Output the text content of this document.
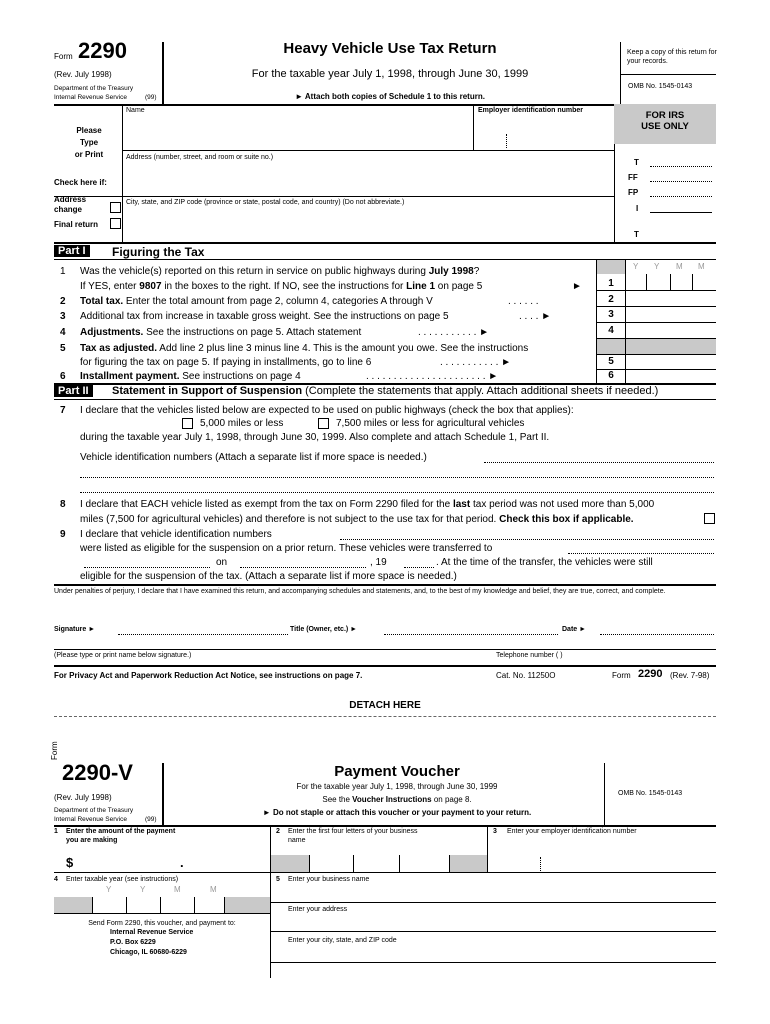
Form 2290
(Rev. July 1998)
Department of the Treasury
Internal Revenue Service	(99)
Heavy Vehicle Use Tax Return
For the taxable year July 1, 1998, through June 30, 1999
► Attach both copies of Schedule 1 to this return.
Keep a copy of this return for your records.
OMB No. 1545-0143
Please
Type
or Print
Name	Employer identification number
Address (number, street, and room or suite no.)
City, state, and ZIP code (province or state, postal code, and country) (Do not abbreviate.)
Check here if:
Address
change
Final return
FOR IRS
USE ONLY
T
FF
FP
I
T
Part I	Figuring the Tax
Y Y M M
1 Was the vehicle(s) reported on this return in service on public highways during July 1998?
If YES, enter 9807 in the boxes to the right. If NO, see the instructions for Line 1 on page 5	►	1
2 Total tax. Enter the total amount from page 2, column 4, categories A through V	. . . . . .	2
3 Additional tax from increase in taxable gross weight. See the instructions on page 5	. . . . ►	3
4 Adjustments. See the instructions on page 5. Attach statement	. . . . . . . . . . . ►	4
5 Tax as adjusted. Add line 2 plus line 3 minus line 4. This is the amount you owe. See the instructions
for figuring the tax on page 5. If paying in installments, go to line 6	. . . . . . . . . . . ►	5
6 Installment payment. See instructions on page 4	. . . . . . . . . . . . . . . . . . . . . . ►	6
Part II	Statement in Support of Suspension (Complete the statements that apply. Attach additional sheets if needed.)
7 I declare that the vehicles listed below are expected to be used on public highways (check the box that applies):
5,000 miles or less	7,500 miles or less for agricultural vehicles
during the taxable year July 1, 1998, through June 30, 1999. Also complete and attach Schedule 1, Part II.
Vehicle identification numbers (Attach a separate list if more space is needed.)
8 I declare that EACH vehicle listed as exempt from the tax on Form 2290 filed for the last tax period was not used more than 5,000
miles (7,500 for agricultural vehicles) and therefore is not subject to the use tax for that period. Check this box if applicable.
9 I declare that vehicle identification numbers
were listed as eligible for the suspension on a prior return. These vehicles were transferred to
on	, 19	. At the time of the transfer, the vehicles were still
eligible for the suspension of the tax. (Attach a separate list if more space is needed.)
Under penalties of perjury, I declare that I have examined this return, and accompanying schedules and statements, and, to the best of my knowledge and belief, they are true, correct, and complete.
Signature ►	Title (Owner, etc.) ►	Date ►
(Please type or print name below signature.)	Telephone number ( )
For Privacy Act and Paperwork Reduction Act Notice, see instructions on page 7.	Cat. No. 11250O	Form 2290 (Rev. 7-98)
DETACH HERE
Form
2290-V
(Rev. July 1998)
Department of the Treasury
Internal Revenue Service	(99)
Payment Voucher
For the taxable year July 1, 1998, through June 30, 1999
See the Voucher Instructions on page 8.
► Do not staple or attach this voucher or your payment to your return.
OMB No. 1545-0143
1 Enter the amount of the payment
you are making
$	.
2 Enter the first four letters of your business
name
3 Enter your employer identification number
4 Enter taxable year (see instructions)
Y	Y	M	M
Send Form 2290, this voucher, and payment to:
Internal Revenue Service
P.O. Box 6229
Chicago, IL 60680-6229
5 Enter your business name
Enter your address
Enter your city, state, and ZIP code
